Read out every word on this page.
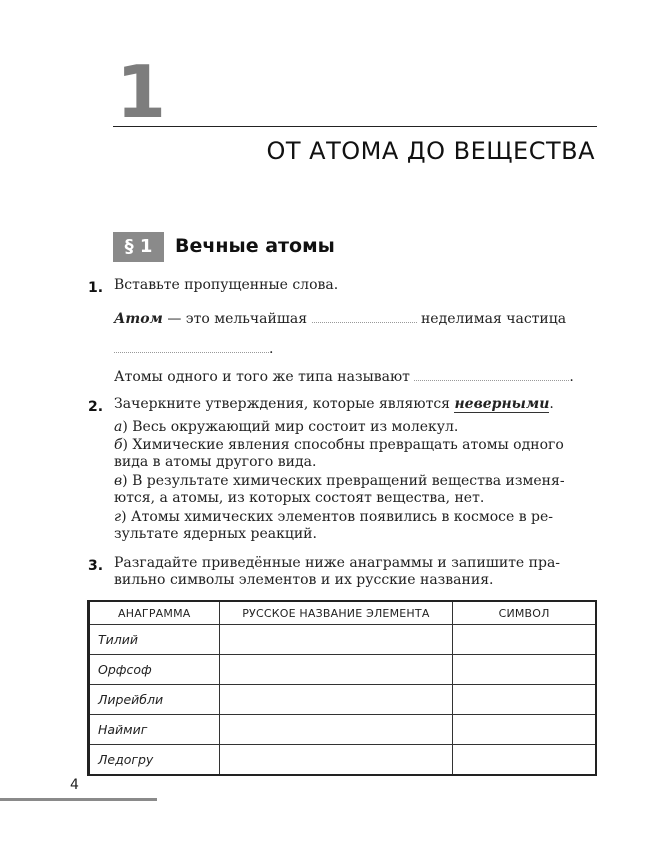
1
ОТ АТОМА ДО ВЕЩЕСТВА
§ 1	Вечные атомы
1. Вставьте пропущенные слова.
Атом — это мельчайшая	неделимая частица
.
Атомы одного и того же типа называют	.
2. Зачеркните утверждения, которые являются неверными.
а) Весь окружающий мир состоит из молекул.
б) Химические явления способны превращать атомы одного
вида в атомы другого вида.
в) В результате химических превращений вещества изменя-
ются, а атомы, из которых состоят вещества, нет.
г) Атомы химических элементов появились в космосе в ре-
зультате ядерных реакций.
3. Разгадайте приведённые ниже анаграммы и запишите пра-
вильно символы элементов и их русские названия.
АНАГРАММА	РУССКОЕ НАЗВАНИЕ ЭЛЕМЕНТА	СИМВОЛ
Тилий		
Орфсоф		
Лирейбли		
Наймиг		
Ледогру		
4
